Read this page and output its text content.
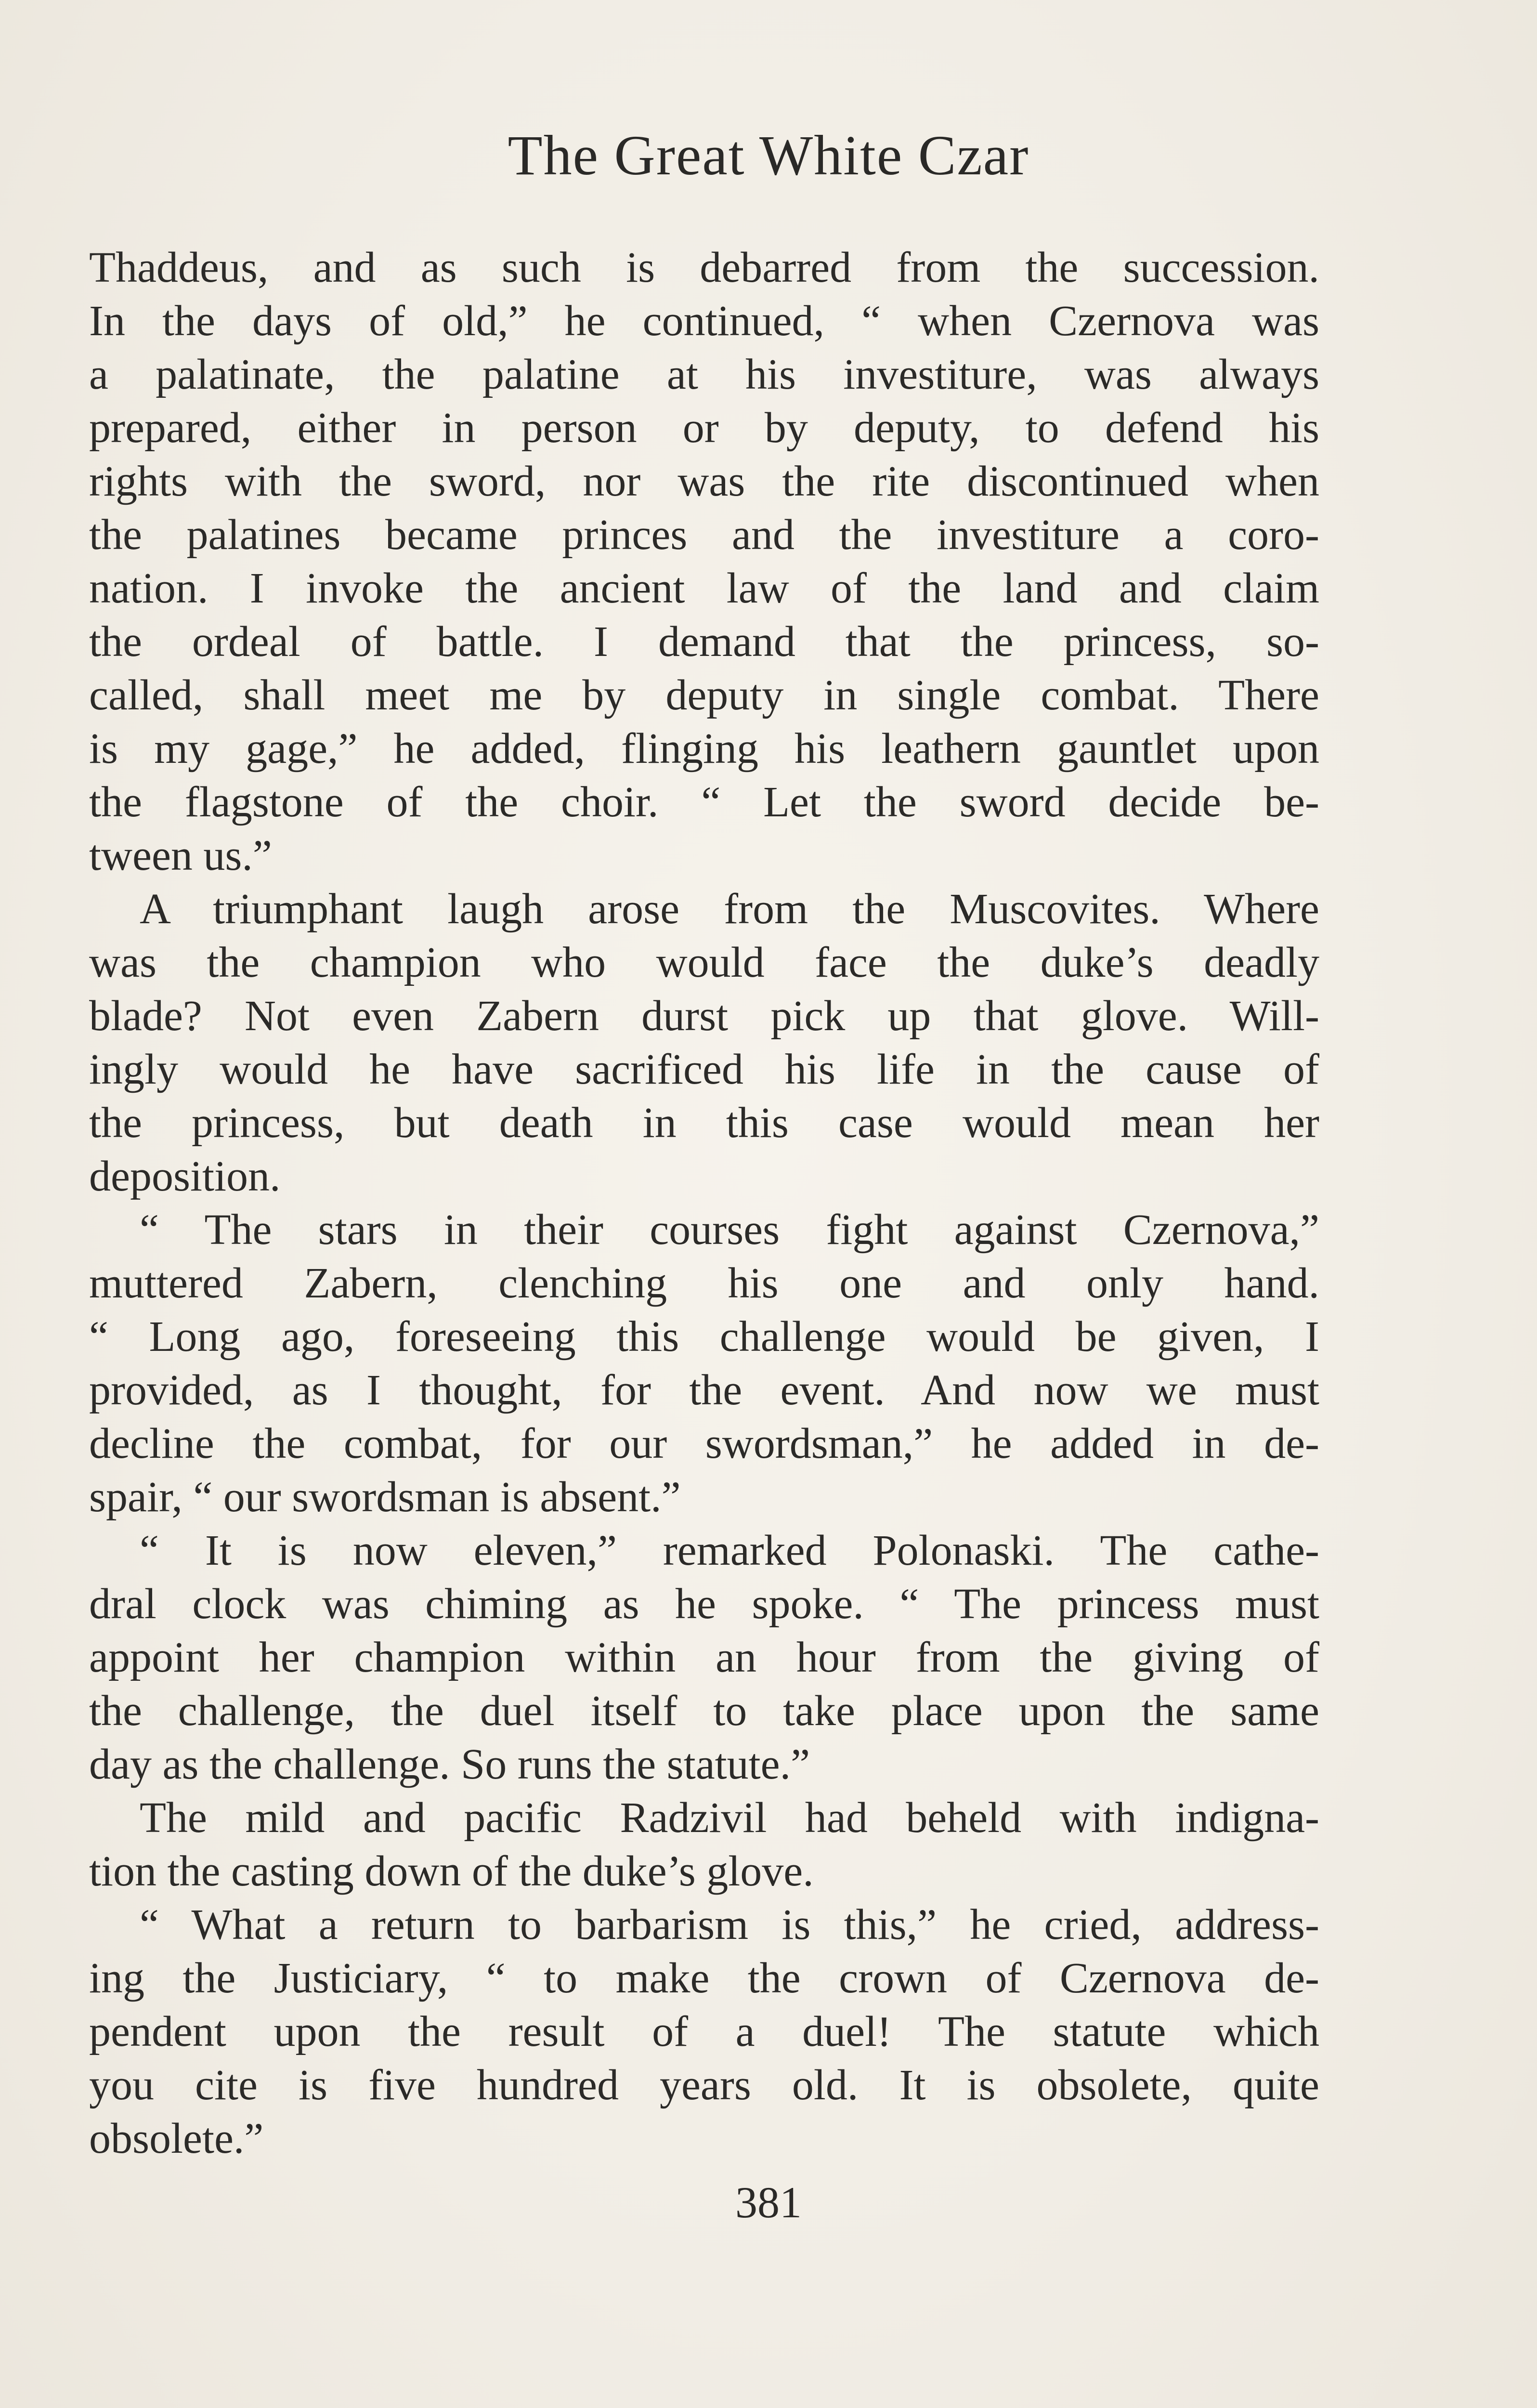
The Great White Czar
Thaddeus, and as such is debarred from the succession.
In the days of old,” he continued, “ when Czernova was
a palatinate, the palatine at his investiture, was always
prepared, either in person or by deputy, to defend his
rights with the sword, nor was the rite discontinued when
the palatines became princes and the investiture a coro-
nation. I invoke the ancient law of the land and claim
the ordeal of battle. I demand that the princess, so-
called, shall meet me by deputy in single combat. There
is my gage,” he added, flinging his leathern gauntlet upon
the flagstone of the choir. “ Let the sword decide be-
tween us.”
A triumphant laugh arose from the Muscovites. Where
was the champion who would face the duke’s deadly
blade? Not even Zabern durst pick up that glove. Will-
ingly would he have sacrificed his life in the cause of
the princess, but death in this case would mean her
deposition.
“ The stars in their courses fight against Czernova,”
muttered Zabern, clenching his one and only hand.
“ Long ago, foreseeing this challenge would be given, I
provided, as I thought, for the event. And now we must
decline the combat, for our swordsman,” he added in de-
spair, “ our swordsman is absent.”
“ It is now eleven,” remarked Polonaski. The cathe-
dral clock was chiming as he spoke. “ The princess must
appoint her champion within an hour from the giving of
the challenge, the duel itself to take place upon the same
day as the challenge. So runs the statute.”
The mild and pacific Radzivil had beheld with indigna-
tion the casting down of the duke’s glove.
“ What a return to barbarism is this,” he cried, address-
ing the Justiciary, “ to make the crown of Czernova de-
pendent upon the result of a duel! The statute which
you cite is five hundred years old. It is obsolete, quite
obsolete.”
381
